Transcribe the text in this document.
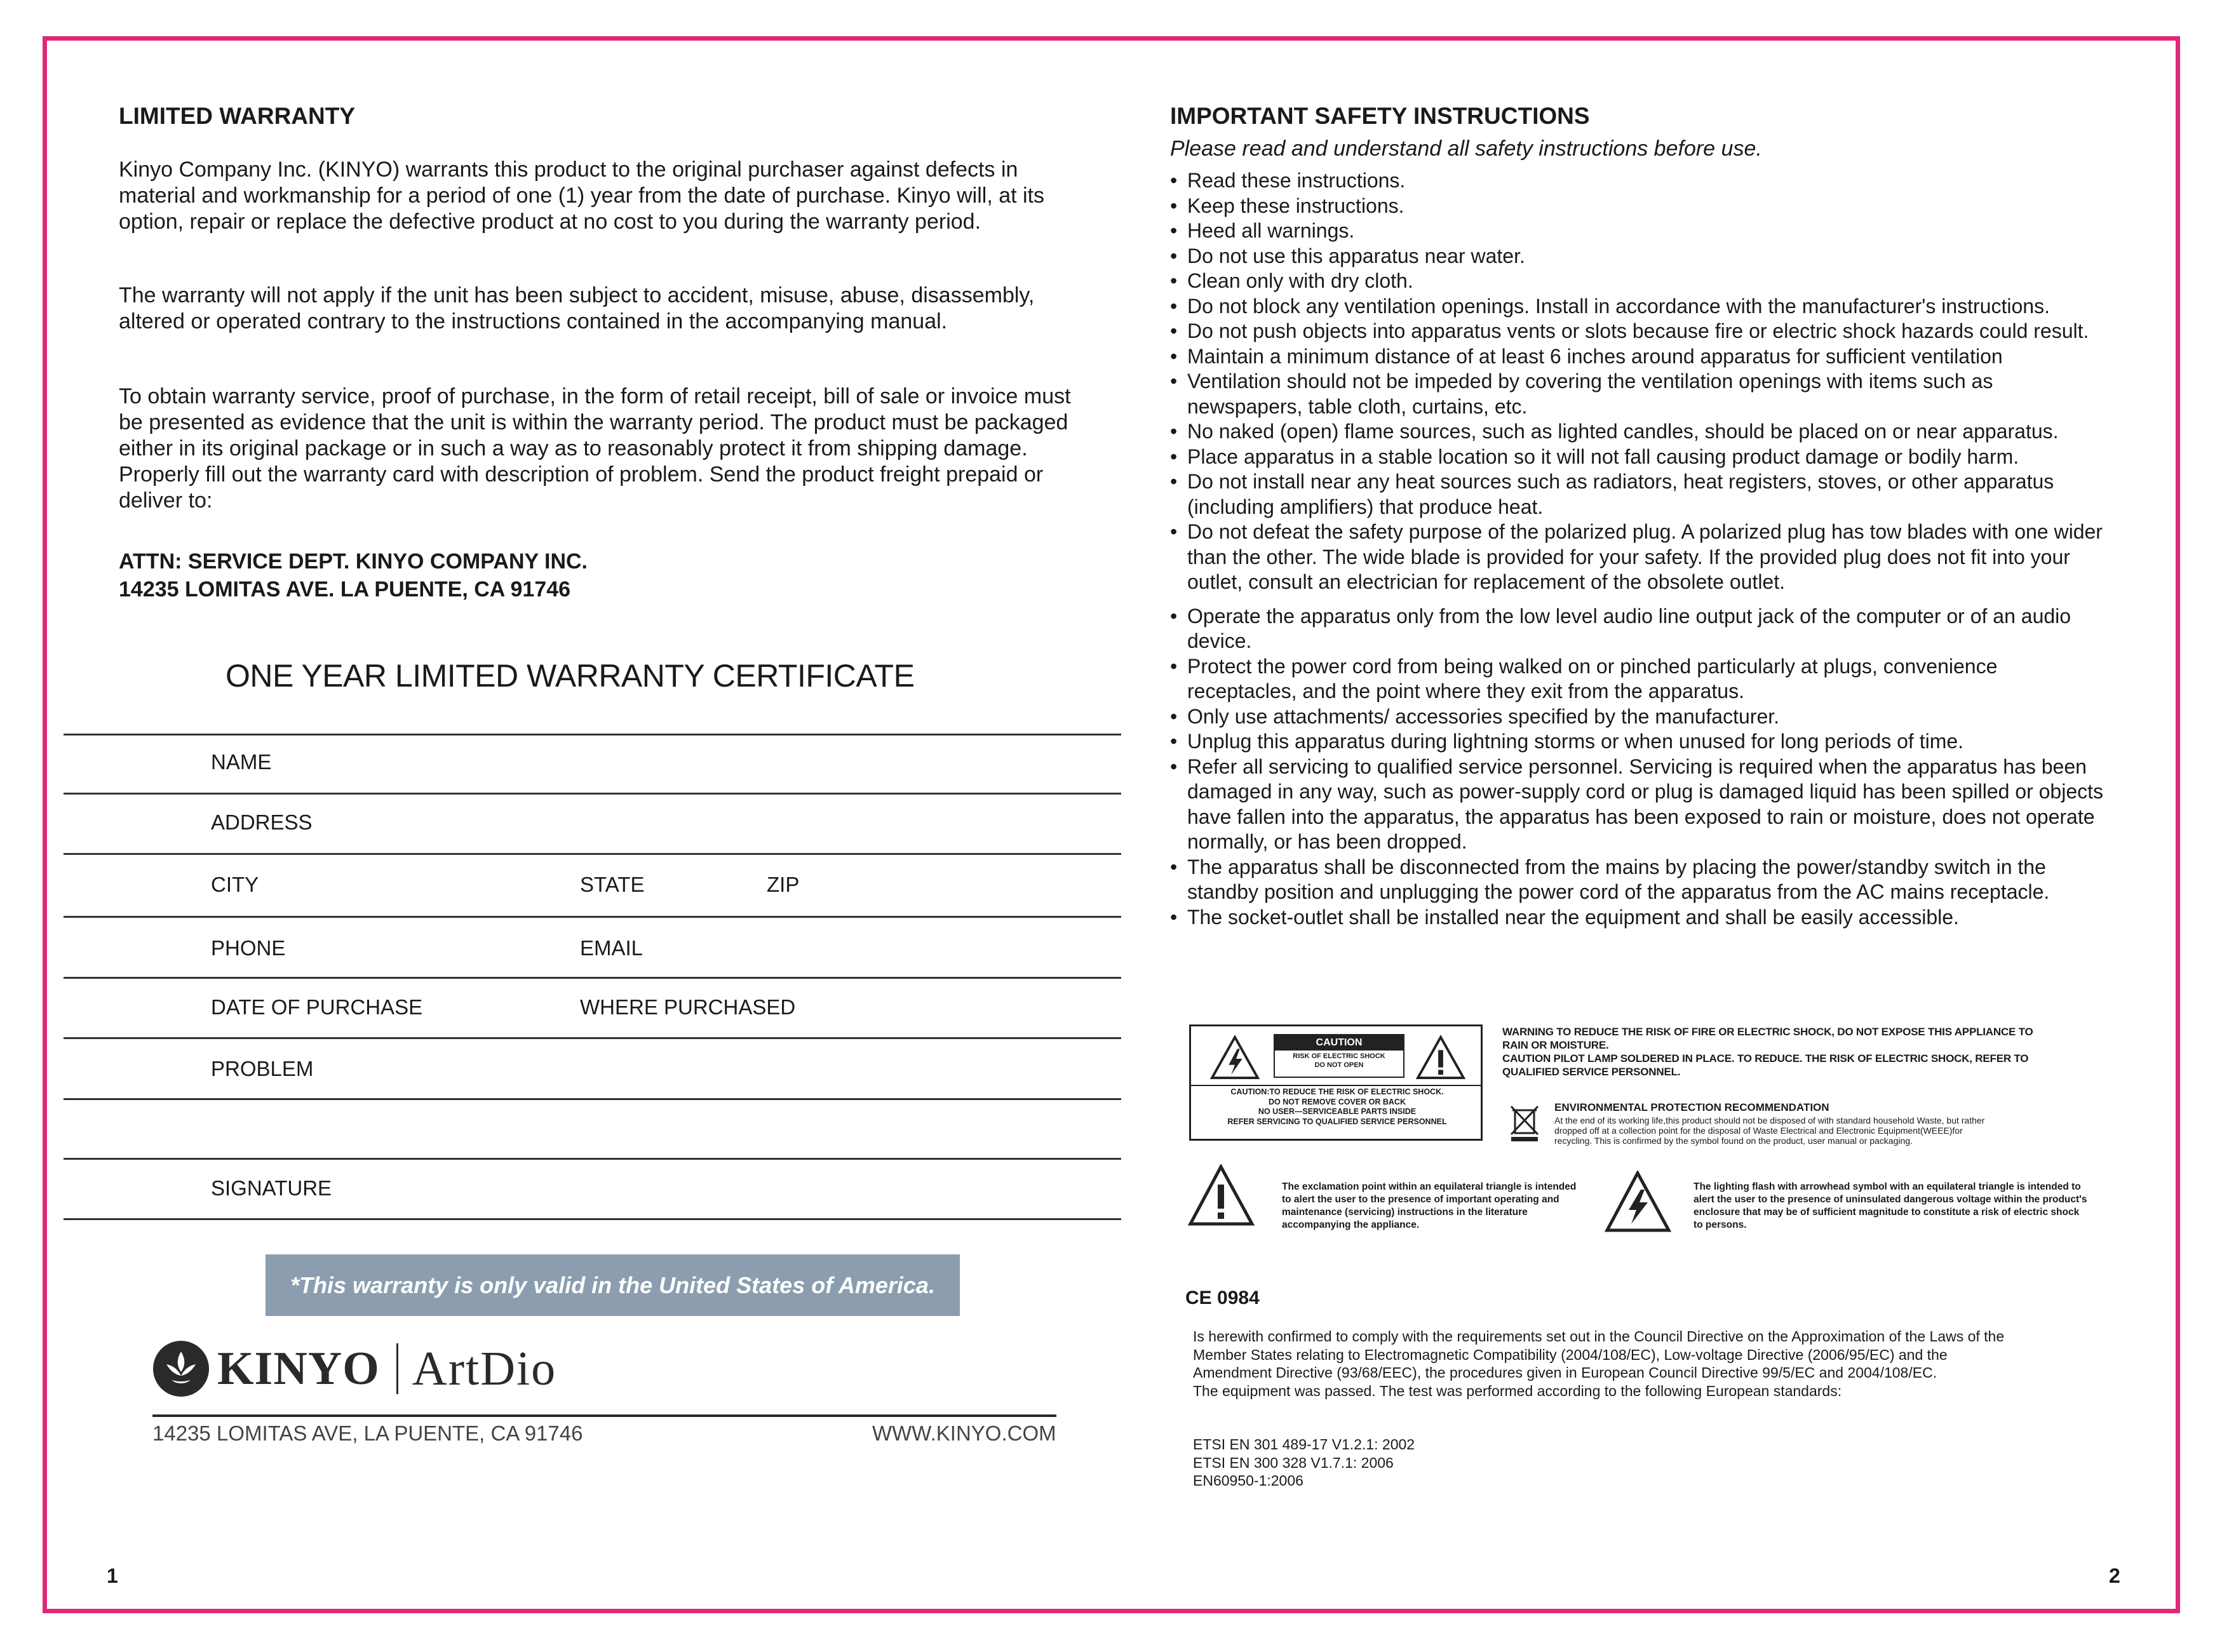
LIMITED WARRANTY

Kinyo Company Inc. (KINYO) warrants this product to the original purchaser against defects in material and workmanship for a period of one (1) year from the date of purchase. Kinyo will, at its option, repair or replace the defective product at no cost to you during the warranty period.

The warranty will not apply if the unit has been subject to accident, misuse, abuse, disassembly, altered or operated contrary to the instructions contained in the accompanying manual.

To obtain warranty service, proof of purchase, in the form of retail receipt, bill of sale or invoice must be presented as evidence that the unit is within the warranty period. The product must be packaged either in its original package or in such a way as to reasonably protect it from shipping damage. Properly fill out the warranty card with description of problem. Send the product freight prepaid or deliver to:

ATTN: SERVICE DEPT. KINYO COMPANY INC.
14235 LOMITAS AVE. LA PUENTE, CA 91746
ONE YEAR LIMITED WARRANTY CERTIFICATE
NAME
ADDRESS
CITY	STATE	ZIP
PHONE	EMAIL
DATE OF PURCHASE	WHERE PURCHASED
PROBLEM
SIGNATURE
*This warranty is only valid in the United States of America.
KINYO ArtDio
14235 LOMITAS AVE, LA PUENTE, CA 91746	WWW.KINYO.COM
1	2
IMPORTANT SAFETY INSTRUCTIONS
Please read and understand all safety instructions before use.
• Read these instructions.
• Keep these instructions.
• Heed all warnings.
• Do not use this apparatus near water.
• Clean only with dry cloth.
• Do not block any ventilation openings. Install in accordance with the manufacturer's instructions.
• Do not push objects into apparatus vents or slots because fire or electric shock hazards could result.
• Maintain a minimum distance of at least 6 inches around apparatus for sufficient ventilation
• Ventilation should not be impeded by covering the ventilation openings with items such as newspapers, table cloth, curtains, etc.
• No naked (open) flame sources, such as lighted candles, should be placed on or near apparatus.
• Place apparatus in a stable location so it will not fall causing product damage or bodily harm.
• Do not install near any heat sources such as radiators, heat registers, stoves, or other apparatus (including amplifiers) that produce heat.
• Do not defeat the safety purpose of the polarized plug. A polarized plug has tow blades with one wider than the other. The wide blade is provided for your safety. If the provided plug does not fit into your outlet, consult an electrician for replacement of the obsolete outlet.
• Operate the apparatus only from the low level audio line output jack of the computer or of an audio device.
• Protect the power cord from being walked on or pinched particularly at plugs, convenience receptacles, and the point where they exit from the apparatus.
• Only use attachments/ accessories specified by the manufacturer.
• Unplug this apparatus during lightning storms or when unused for long periods of time.
• Refer all servicing to qualified service personnel. Servicing is required when the apparatus has been damaged in any way, such as power-supply cord or plug is damaged liquid has been spilled or objects have fallen into the apparatus, the apparatus has been exposed to rain or moisture, does not operate normally, or has been dropped.
• The apparatus shall be disconnected from the mains by placing the power/standby switch in the standby position and unplugging the power cord of the apparatus from the AC mains receptacle.
• The socket-outlet shall be installed near the equipment and shall be easily accessible.
CAUTION
RISK OF ELECTRIC SHOCK
DO NOT OPEN
CAUTION:TO REDUCE THE RISK OF ELECTRIC SHOCK.
DO NOT REMOVE COVER OR BACK
NO USER—SERVICEABLE PARTS INSIDE
REFER SERVICING TO QUALIFIED SERVICE PERSONNEL
WARNING TO REDUCE THE RISK OF FIRE OR ELECTRIC SHOCK, DO NOT EXPOSE THIS APPLIANCE TO RAIN OR MOISTURE.
CAUTION PILOT LAMP SOLDERED IN PLACE. TO REDUCE. THE RISK OF ELECTRIC SHOCK, REFER TO QUALIFIED SERVICE PERSONNEL.
ENVIRONMENTAL PROTECTION RECOMMENDATION
At the end of its working life,this product should not be disposed of with standard household Waste, but rather dropped off at a collection point for the disposal of Waste Electrical and Electronic Equipment(WEEE)for recycling. This is confirmed by the symbol found on the product, user manual or packaging.
The exclamation point within an equilateral triangle is intended to alert the user to the presence of important operating and maintenance (servicing) instructions in the literature accompanying the appliance.
The lighting flash with arrowhead symbol with an equilateral triangle is intended to alert the user to the presence of uninsulated dangerous voltage within the product's enclosure that may be of sufficient magnitude to constitute a risk of electric shock to persons.
CE 0984
Is herewith confirmed to comply with the requirements set out in the Council Directive on the Approximation of the Laws of the Member States relating to Electromagnetic Compatibility (2004/108/EC), Low-voltage Directive (2006/95/EC) and the Amendment Directive (93/68/EEC), the procedures given in European Council Directive 99/5/EC and 2004/108/EC.
The equipment was passed. The test was performed according to the following European standards:
ETSI EN 301 489-17 V1.2.1: 2002
ETSI EN 300 328 V1.7.1: 2006
EN60950-1:2006
